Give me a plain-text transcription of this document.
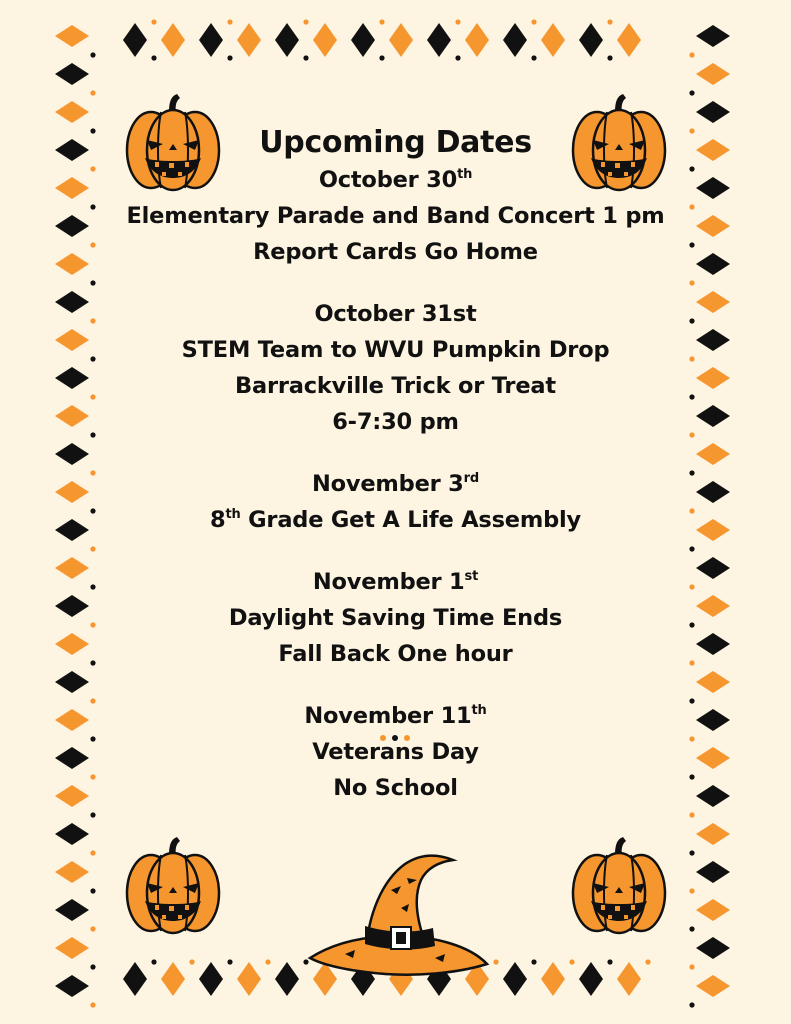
Upcoming Dates
October 30th
Elementary Parade and Band Concert 1 pm
Report Cards Go Home
October 31st
STEM Team to WVU Pumpkin Drop
Barrackville Trick or Treat
6-7:30 pm
November 3rd
8th Grade Get A Life Assembly
November 1st
Daylight Saving Time Ends
Fall Back One hour
November 11th
Veterans Day
No School
